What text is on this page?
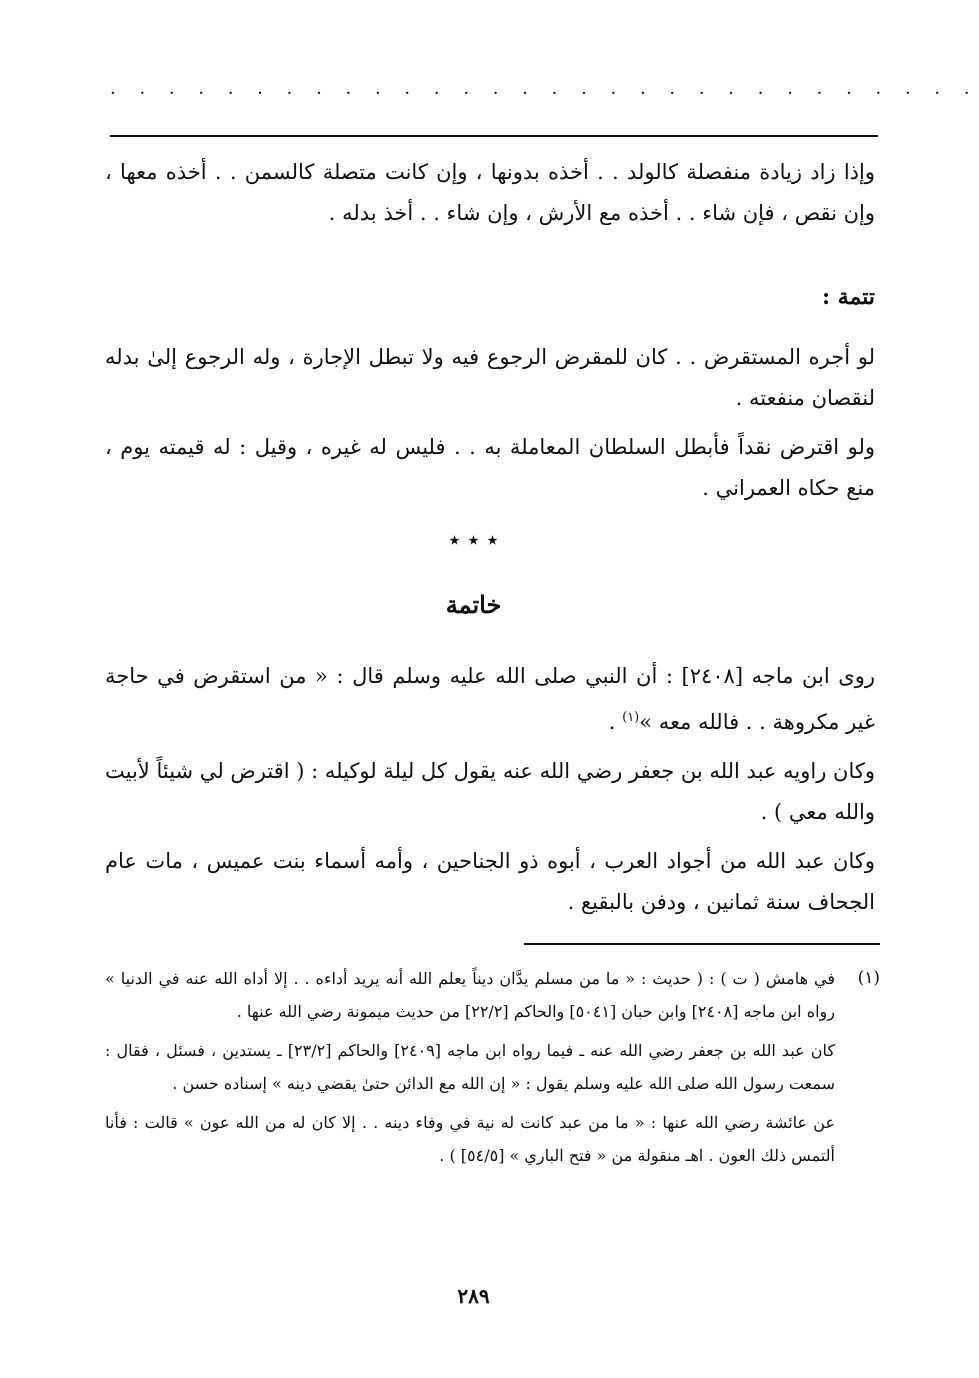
· · · · · · · · · · · · · · · · · · · · · · · · · · · · · ·

وإذا زاد زيادة منفصلة كالولد . . أخذه بدونها ، وإن كانت متصلة كالسمن . . أخذه معها ، وإن نقص ، فإن شاء . . أخذه مع الأرش ، وإن شاء . . أخذ بدله .

تتمة :

لو أجره المستقرض . . كان للمقرض الرجوع فيه ولا تبطل الإجارة ، وله الرجوع إلىٰ بدله لنقصان منفعته .

ولو اقترض نقداً فأبطل السلطان المعاملة به . . فليس له غيره ، وقيل : له قيمته يوم ، منع حكاه العمراني .

٭ ٭ ٭

خاتمة

روى ابن ماجه [٢٤٠٨] : أن النبي صلى الله عليه وسلم قال : « من استقرض في حاجة غير مكروهة . . فالله معه »$^{(١)}$ .

وكان راويه عبد الله بن جعفر رضي الله عنه يقول كل ليلة لوكيله : ( اقترض لي شيئاً لأبيت والله معي ) .

وكان عبد الله من أجواد العرب ، أبوه ذو الجناحين ، وأمه أسماء بنت عميس ، مات عام الجحاف سنة ثمانين ، ودفن بالبقيع .

(١)

في هامش ( ت ) : ( حديث : « ما من مسلم يدَّان ديناً يعلم الله أنه يريد أداءه . . إلا أداه الله عنه في الدنيا » رواه ابن ماجه [٢٤٠٨] وابن حبان [٥٠٤١] والحاكم [٢٢/٢] من حديث ميمونة رضي الله عنها .

كان عبد الله بن جعفر رضي الله عنه ـ فيما رواه ابن ماجه [٢٤٠٩] والحاكم [٢٣/٢] ـ يستدين ، فسئل ، فقال : سمعت رسول الله صلى الله عليه وسلم يقول : « إن الله مع الدائن حتىٰ يقضي دينه » إسناده حسن .

عن عائشة رضي الله عنها : « ما من عبد كانت له نية في وفاء دينه . . إلا كان له من الله عون » قالت : فأنا ألتمس ذلك العون . اهـ منقولة من « فتح الباري » [٥٤/٥] ) .

٢٨٩
